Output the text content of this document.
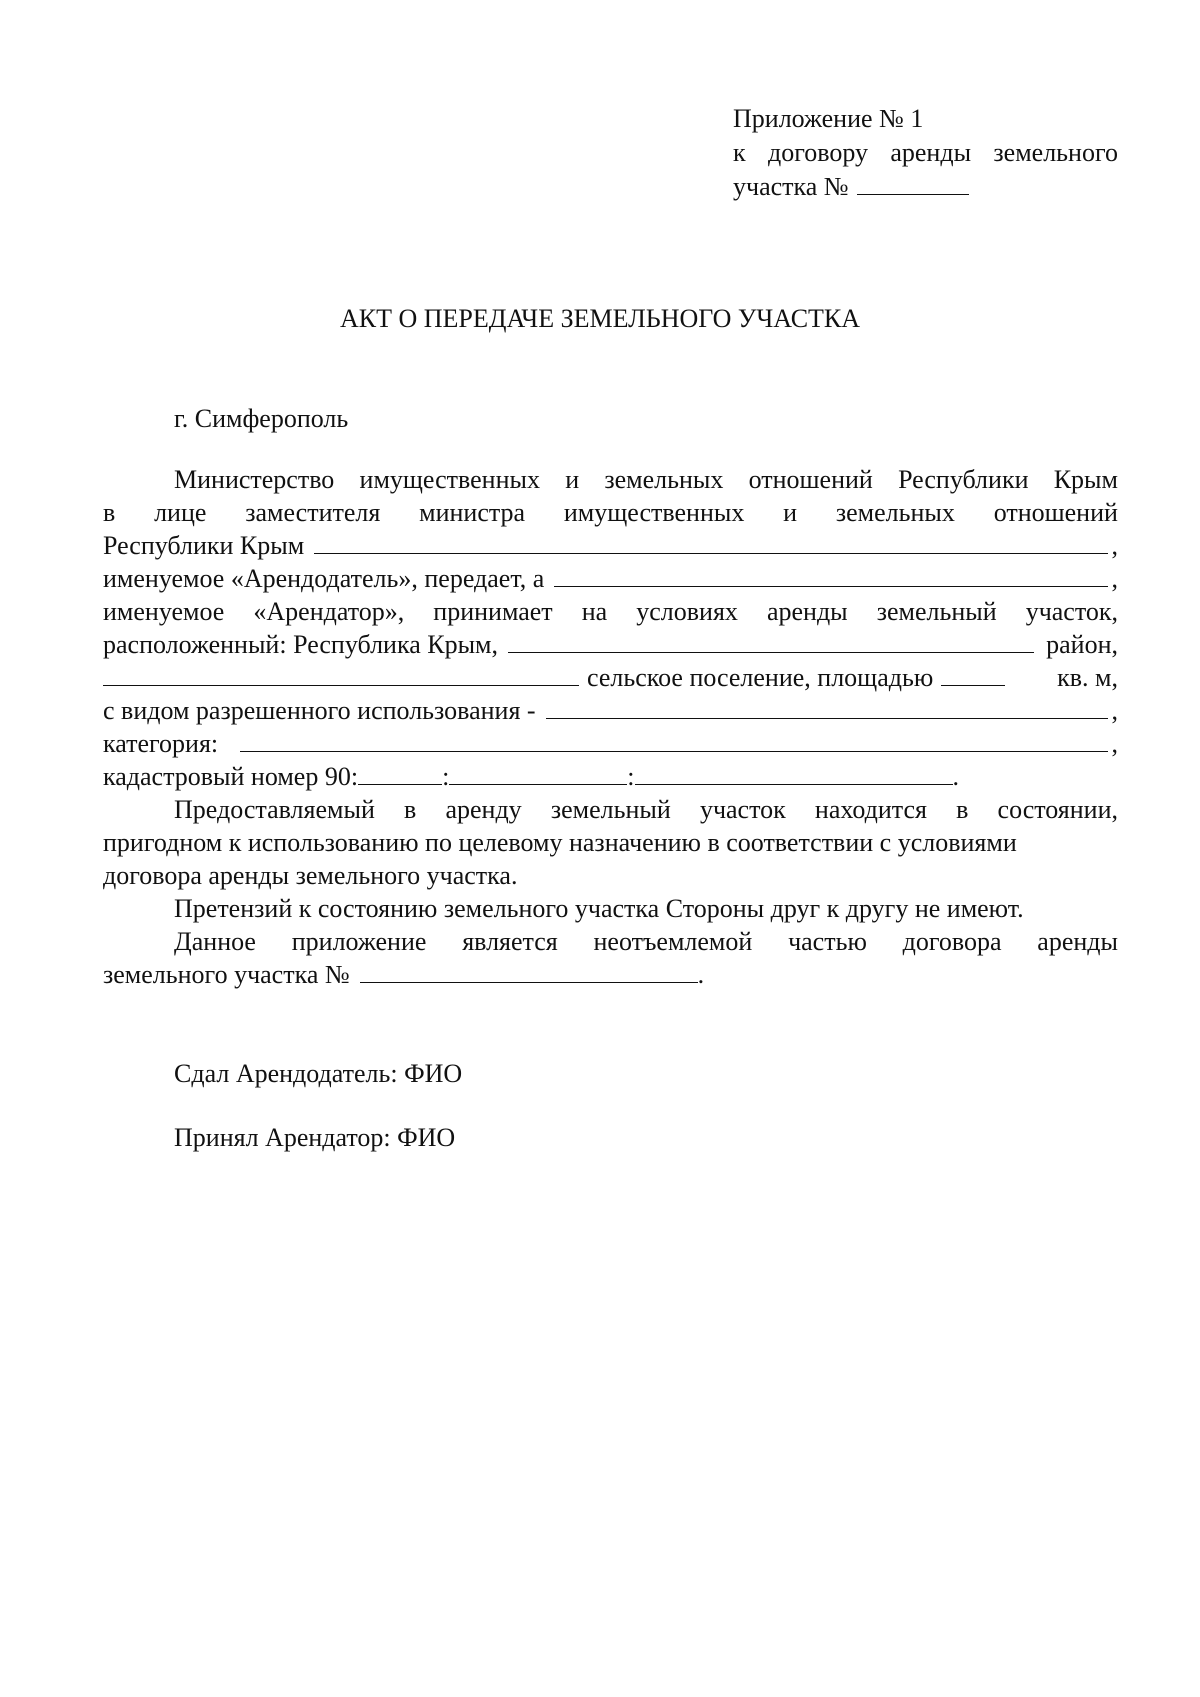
Приложение № 1
к договору аренды земельного
участка №
АКТ О ПЕРЕДАЧЕ ЗЕМЕЛЬНОГО УЧАСТКА
г. Симферополь
Министерство имущественных и земельных отношений Республики Крым
в лице заместителя министра имущественных и земельных отношений
Республики Крым	,
именуемое «Арендодатель», передает, а	,
именуемое «Арендатор», принимает на условиях аренды земельный участок,
расположенный: Республика Крым,	район,
сельское поселение, площадью	кв. м,
с видом разрешенного использования -	,
категория:	,
кадастровый номер 90:	:	:	.
Предоставляемый в аренду земельный участок находится в состоянии,
пригодном к использованию по целевому назначению в соответствии с условиями
договора аренды земельного участка.
Претензий к состоянию земельного участка Стороны друг к другу не имеют.
Данное приложение является неотъемлемой частью договора аренды
земельного участка №	.
Сдал Арендодатель: ФИО
Принял Арендатор: ФИО
